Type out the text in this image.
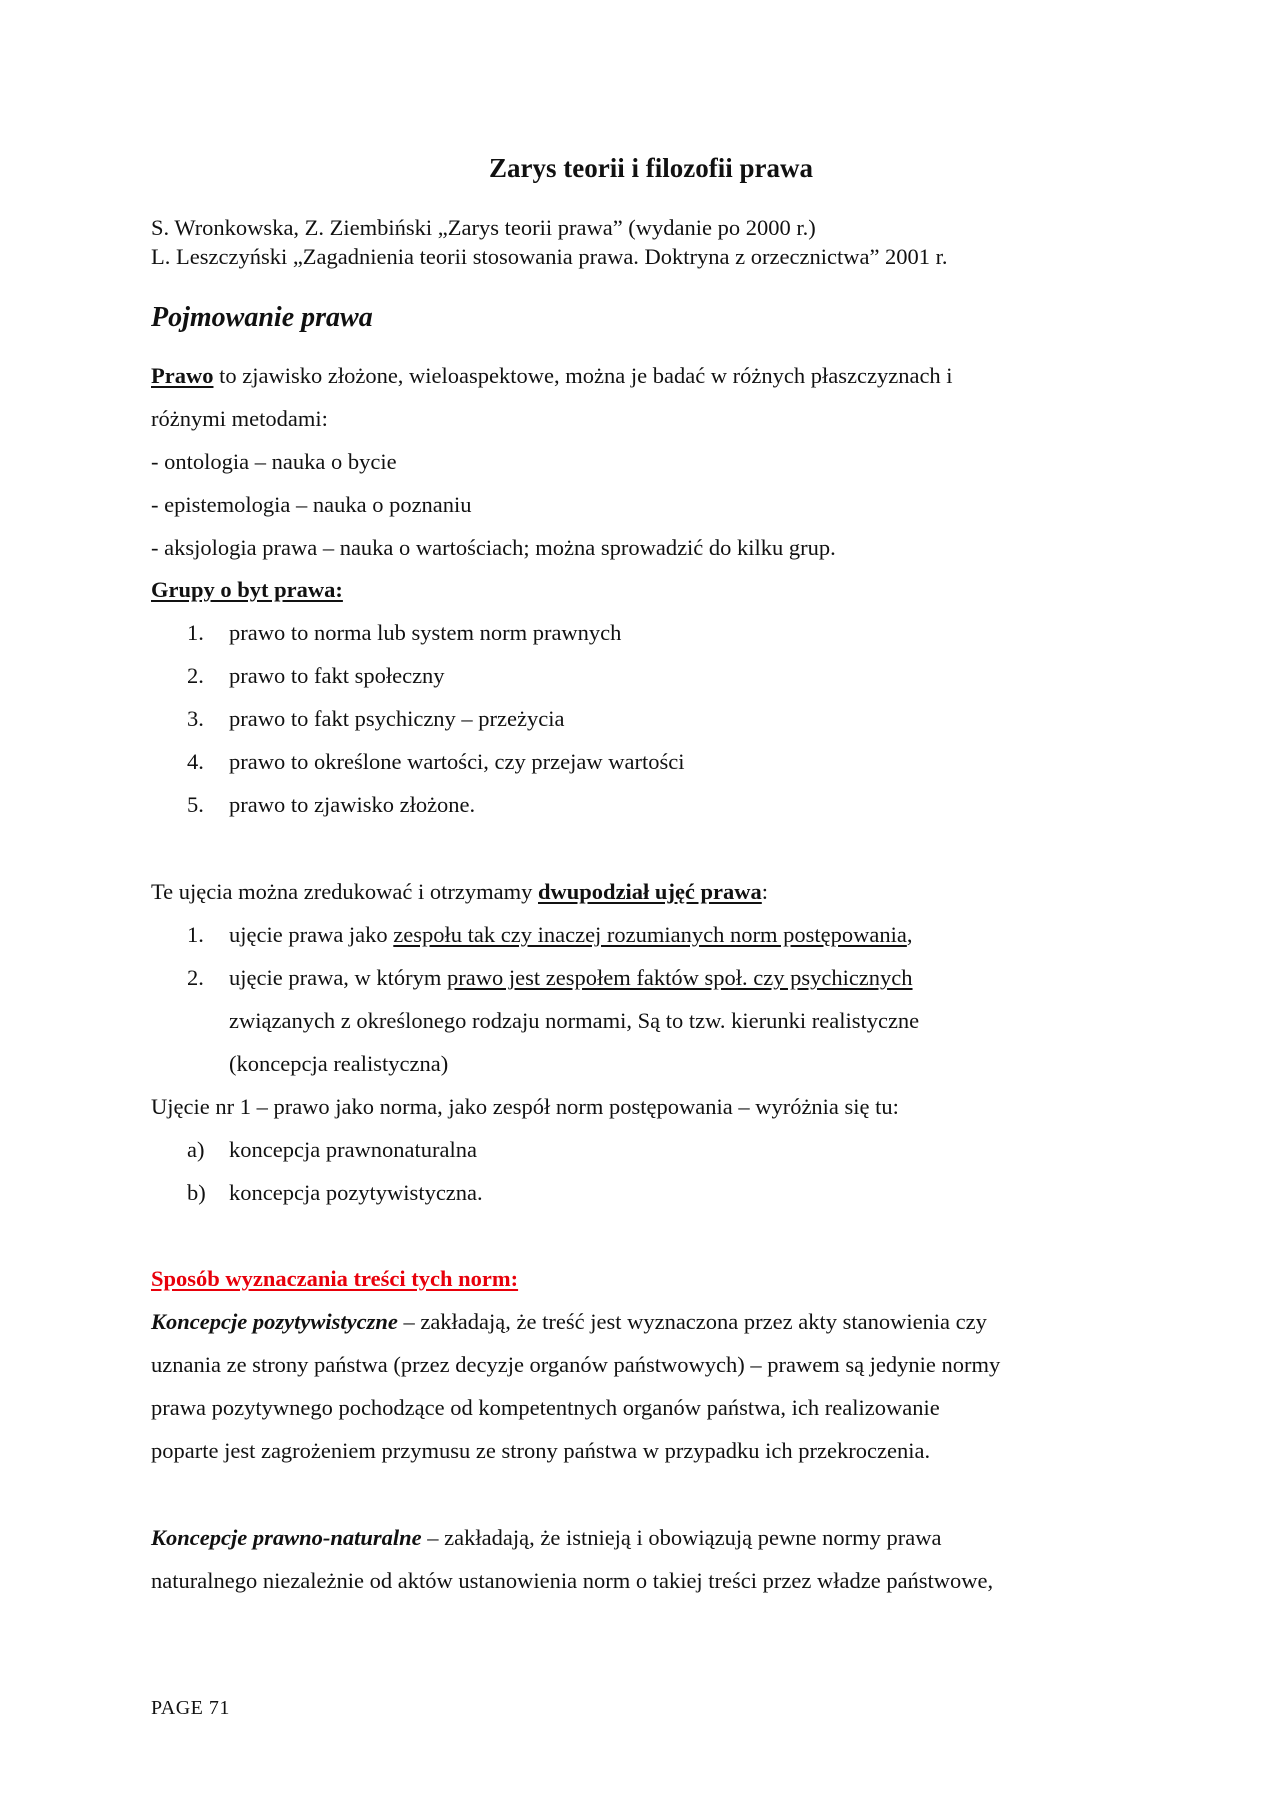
Zarys teorii i filozofii prawa
S. Wronkowska, Z. Ziembiński „Zarys teorii prawa” (wydanie po 2000 r.)
L. Leszczyński „Zagadnienia teorii stosowania prawa. Doktryna z orzecznictwa” 2001 r.
Pojmowanie prawa
Prawo to zjawisko złożone, wieloaspektowe, można je badać w różnych płaszczyznach i
różnymi metodami:
- ontologia – nauka o bycie
- epistemologia – nauka o poznaniu
- aksjologia prawa – nauka o wartościach; można sprowadzić do kilku grup.
Grupy o byt prawa:
1. prawo to norma lub system norm prawnych
2. prawo to fakt społeczny
3. prawo to fakt psychiczny – przeżycia
4. prawo to określone wartości, czy przejaw wartości
5. prawo to zjawisko złożone.
Te ujęcia można zredukować i otrzymamy dwupodział ujęć prawa:
1. ujęcie prawa jako zespołu tak czy inaczej rozumianych norm postępowania,
2. ujęcie prawa, w którym prawo jest zespołem faktów społ. czy psychicznych
związanych z określonego rodzaju normami, Są to tzw. kierunki realistyczne
(koncepcja realistyczna)
Ujęcie nr 1 – prawo jako norma, jako zespół norm postępowania – wyróżnia się tu:
a) koncepcja prawnonaturalna
b) koncepcja pozytywistyczna.
Sposób wyznaczania treści tych norm:
Koncepcje pozytywistyczne – zakładają, że treść jest wyznaczona przez akty stanowienia czy
uznania ze strony państwa (przez decyzje organów państwowych) – prawem są jedynie normy
prawa pozytywnego pochodzące od kompetentnych organów państwa, ich realizowanie
poparte jest zagrożeniem przymusu ze strony państwa w przypadku ich przekroczenia.
Koncepcje prawno-naturalne – zakładają, że istnieją i obowiązują pewne normy prawa
naturalnego niezależnie od aktów ustanowienia norm o takiej treści przez władze państwowe,
PAGE 71
